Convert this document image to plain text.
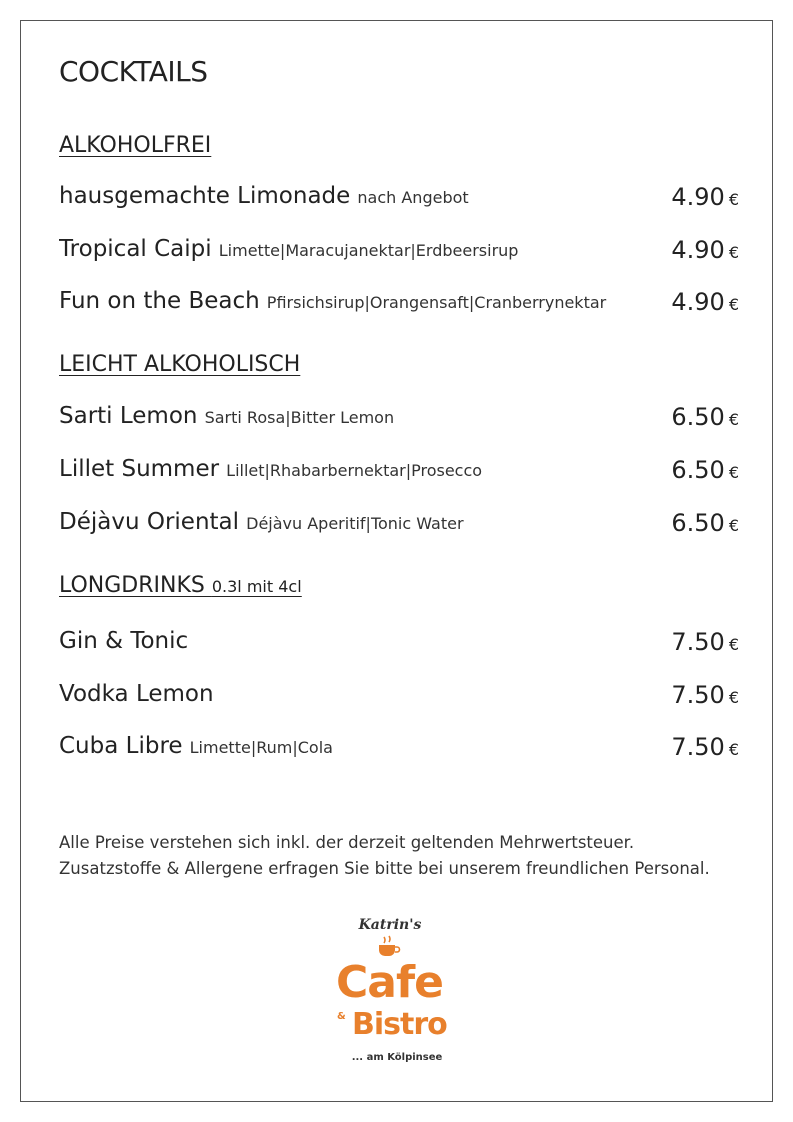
COCKTAILS
ALKOHOLFREI
hausgemachte Limonade nach Angebot	4.90 €
Tropical Caipi Limette|Maracujanektar|Erdbeersirup	4.90 €
Fun on the Beach Pfirsichsirup|Orangensaft|Cranberrynektar	4.90 €
LEICHT ALKOHOLISCH
Sarti Lemon Sarti Rosa|Bitter Lemon	6.50 €
Lillet Summer Lillet|Rhabarbernektar|Prosecco	6.50 €
Déjàvu Oriental Déjàvu Aperitif|Tonic Water	6.50 €
LONGDRINKS 0.3l mit 4cl
Gin & Tonic	7.50 €
Vodka Lemon	7.50 €
Cuba Libre Limette|Rum|Cola	7.50 €
Alle Preise verstehen sich inkl. der derzeit geltenden Mehrwertsteuer.
Zusatzstoffe & Allergene erfragen Sie bitte bei unserem freundlichen Personal.
Katrin's
Cafe
& Bistro
... am Kölpinsee
